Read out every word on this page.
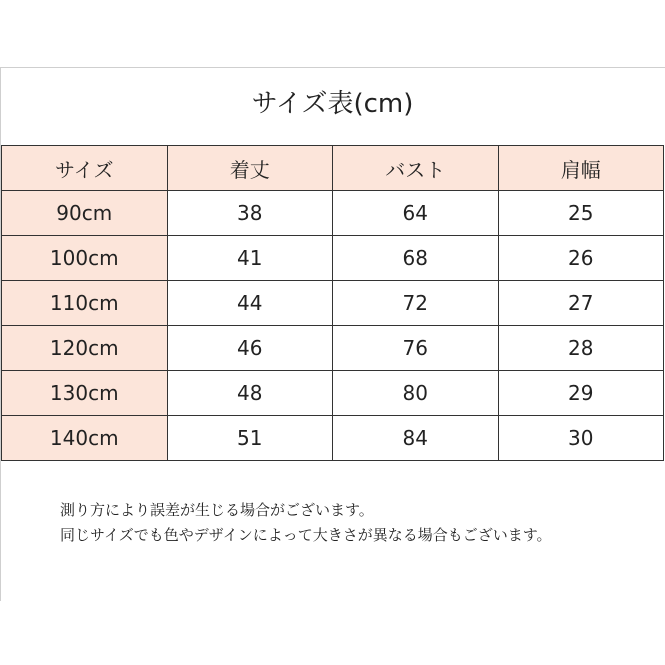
サイズ表(cm)
サイズ	着丈	バスト	肩幅
90cm	38	64	25
100cm	41	68	26
110cm	44	72	27
120cm	46	76	28
130cm	48	80	29
140cm	51	84	30
測り方により誤差が生じる場合がございます。
同じサイズでも色やデザインによって大きさが異なる場合もございます。
